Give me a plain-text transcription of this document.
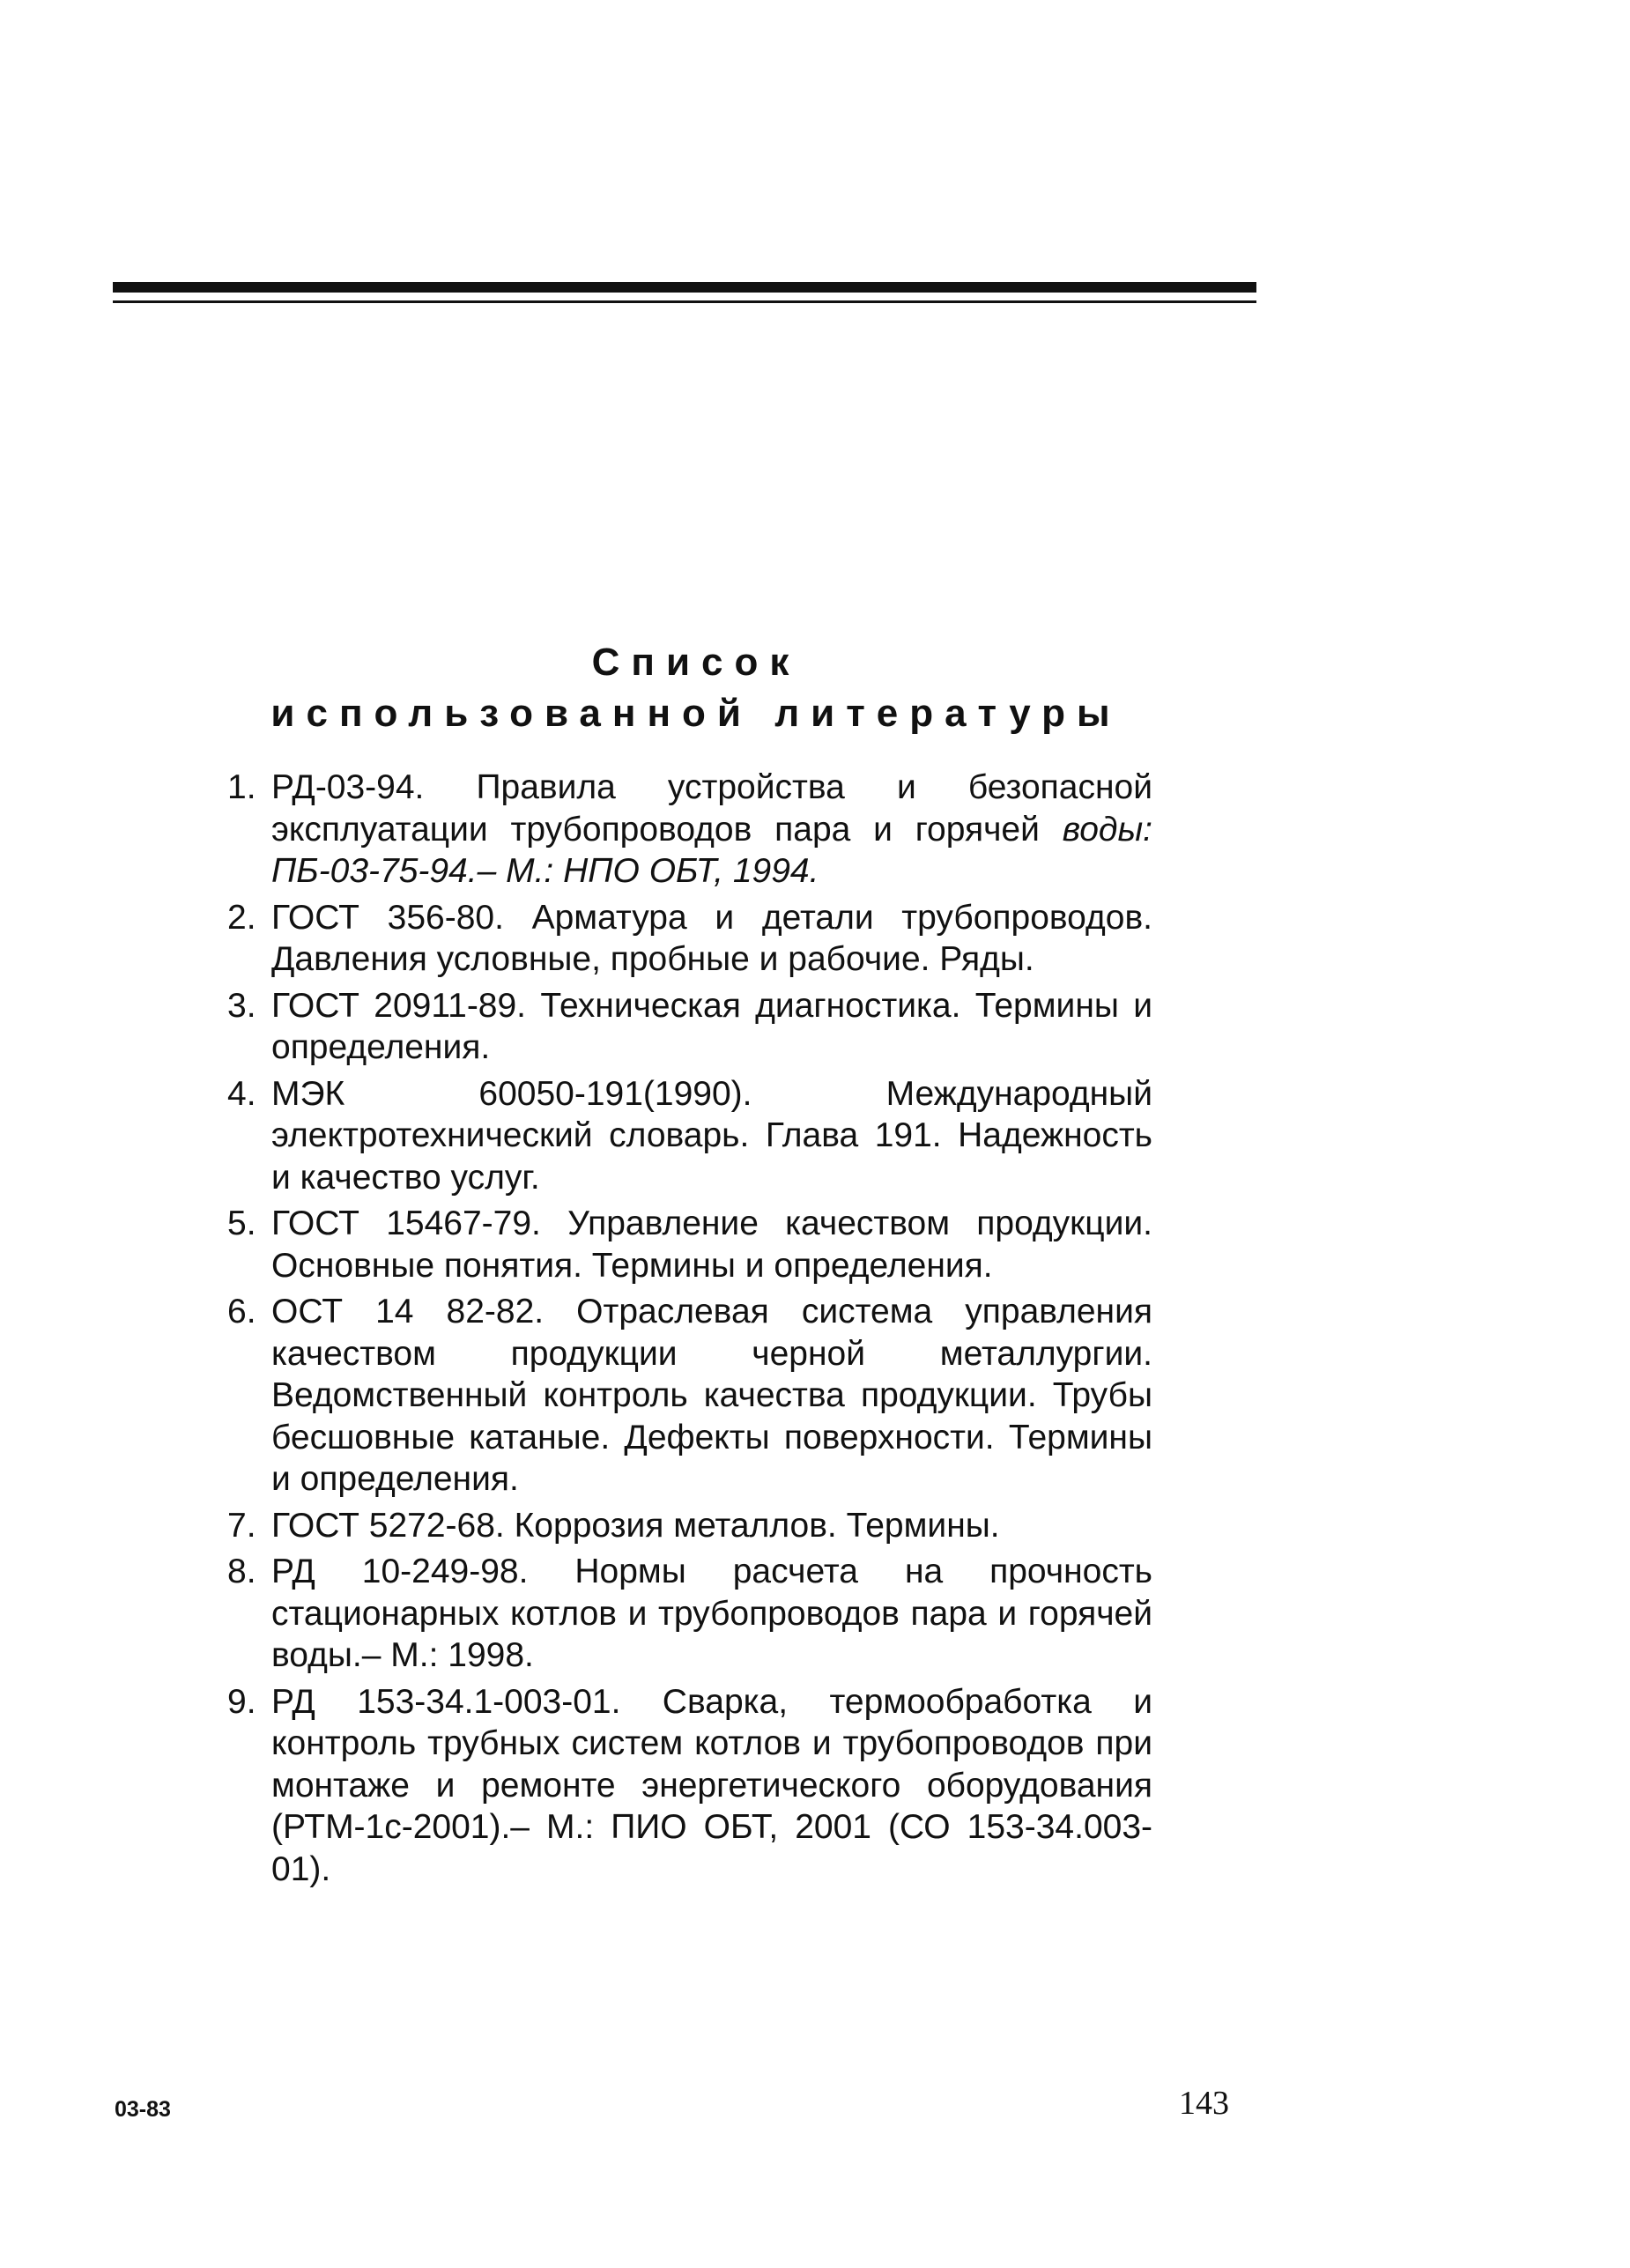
Список
использованной литературы
1. РД-03-94. Правила устройства и безопасной эксплуатации трубопроводов пара и горячей воды: ПБ-03-75-94.– М.: НПО ОБТ, 1994.
2. ГОСТ 356-80. Арматура и детали трубопроводов. Давления условные, пробные и рабочие. Ряды.
3. ГОСТ 20911-89. Техническая диагностика. Термины и определения.
4. МЭК 60050-191(1990). Международный электротехнический словарь. Глава 191. Надежность и качество услуг.
5. ГОСТ 15467-79. Управление качеством продукции. Основные понятия. Термины и определения.
6. ОСТ 14 82-82. Отраслевая система управления качеством продукции черной металлургии. Ведомственный контроль качества продукции. Трубы бесшовные катаные. Дефекты поверхности. Термины и определения.
7. ГОСТ 5272-68. Коррозия металлов. Термины.
8. РД 10-249-98. Нормы расчета на прочность стационарных котлов и трубопроводов пара и горячей воды.– М.: 1998.
9. РД 153-34.1-003-01. Сварка, термообработка и контроль трубных систем котлов и трубопроводов при монтаже и ремонте энергетического оборудования (РТМ-1с-2001).– М.: ПИО ОБТ, 2001 (СО 153-34.003-01).
03-83	143
